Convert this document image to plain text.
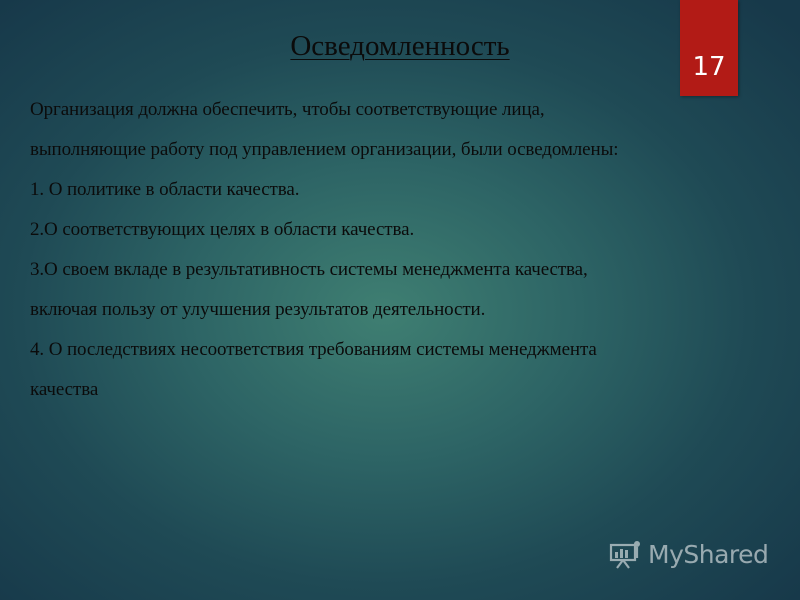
Осведомленность
17
Организация должна обеспечить, чтобы соответствующие лица,
выполняющие работу под управлением организации, были осведомлены:
1. О политике в области качества.
2.О соответствующих целях в области качества.
3.О своем вкладе в результативность системы менеджмента качества,
включая пользу от улучшения результатов деятельности.
4. О последствиях несоответствия требованиям системы менеджмента
качества
MyShared
